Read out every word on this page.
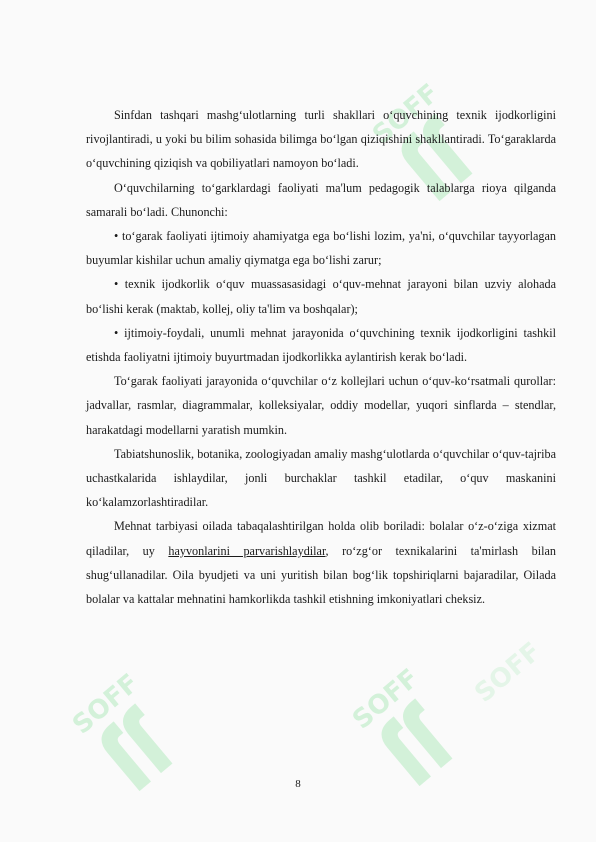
SOFF
SOFF	SOFF SOFF

Sinfdan tashqari mashg‘ulotlarning turli shakllari o‘quvchining texnik ijodkorligini rivojlantiradi, u yoki bu bilim sohasida bilimga bo‘lgan qiziqishini shakllantiradi. To‘garaklarda o‘quvchining qiziqish va qobiliyatlari namoyon bo‘ladi.

O‘quvchilarning to‘garklardagi faoliyati ma'lum pedagogik talablarga rioya qilganda samarali bo‘ladi. Chunonchi:

• to‘garak faoliyati ijtimoiy ahamiyatga ega bo‘lishi lozim, ya'ni, o‘quvchilar tayyorlagan buyumlar kishilar uchun amaliy qiymatga ega bo‘lishi zarur;

• texnik ijodkorlik o‘quv muassasasidagi o‘quv-mehnat jarayoni bilan uzviy alohada bo‘lishi kerak (maktab, kollej, oliy ta'lim va boshqalar);

• ijtimoiy-foydali, unumli mehnat jarayonida o‘quvchining texnik ijodkorligini tashkil etishda faoliyatni ijtimoiy buyurtmadan ijodkorlikka aylantirish kerak bo‘ladi.

To‘garak faoliyati jarayonida o‘quvchilar o‘z kollejlari uchun o‘quv-ko‘rsatmali qurollar: jadvallar, rasmlar, diagrammalar, kolleksiyalar, oddiy modellar, yuqori sinflarda – stendlar, harakatdagi modellarni yaratish mumkin.

Tabiatshunoslik, botanika, zoologiyadan amaliy mashg‘ulotlarda o‘quvchilar o‘quv-tajriba uchastkalarida ishlaydilar, jonli burchaklar tashkil etadilar, o‘quv maskanini ko‘kalamzorlashtiradilar.

Mehnat tarbiyasi oilada tabaqalashtirilgan holda olib boriladi: bolalar o‘z-o‘ziga xizmat qiladilar, uy hayvonlarini parvarishlaydilar, ro‘zg‘or texnikalarini ta'mirlash bilan shug‘ullanadilar. Oila byudjeti va uni yuritish bilan bog‘lik topshiriqlarni bajaradilar, Oilada bolalar va kattalar mehnatini hamkorlikda tashkil etishning imkoniyatlari cheksiz.

8
